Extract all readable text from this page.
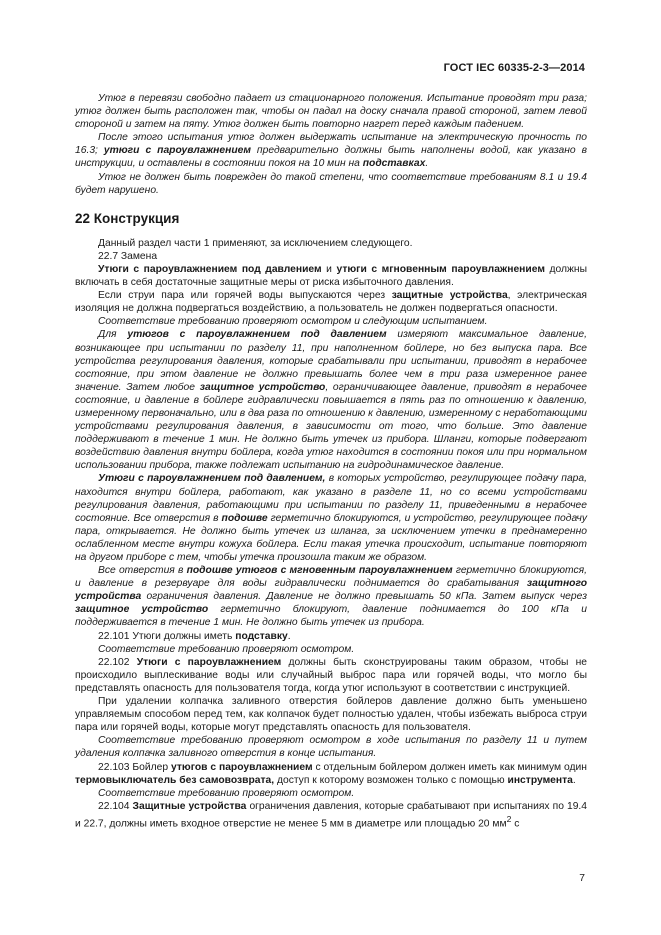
ГОСТ IEC 60335-2-3—2014

Утюг в перевязи свободно падает из стационарного положения. Испытание проводят три раза; утюг должен быть расположен так, чтобы он падал на доску сначала правой стороной, затем левой стороной и затем на пяту. Утюг должен быть повторно нагрет перед каждым падением.

После этого испытания утюг должен выдержать испытание на электрическую прочность по 16.3; утюги с пароувлажнением предварительно должны быть наполнены водой, как указано в инструкции, и оставлены в состоянии покоя на 10 мин на подставках.

Утюг не должен быть поврежден до такой степени, что соответствие требованиям 8.1 и 19.4 будет нарушено.

22 Конструкция

Данный раздел части 1 применяют, за исключением следующего.

22.7 Замена

Утюги с пароувлажнением под давлением и утюги с мгновенным пароувлажнением должны включать в себя достаточные защитные меры от риска избыточного давления.

Если струи пара или горячей воды выпускаются через защитные устройства, электрическая изоляция не должна подвергаться воздействию, а пользователь не должен подвергаться опасности.

Соответствие требованию проверяют осмотром и следующим испытанием.

Для утюгов с пароувлажнением под давлением измеряют максимальное давление, возникающее при испытании по разделу 11, при наполненном бойлере, но без выпуска пара. Все устройства регулирования давления, которые срабатывали при испытании, приводят в нерабочее состояние, при этом давление не должно превышать более чем в три раза измеренное ранее значение. Затем любое защитное устройство, ограничивающее давление, приводят в нерабочее состояние, и давление в бойлере гидравлически повышается в пять раз по отношению к давлению, измеренному первоначально, или в два раза по отношению к давлению, измеренному с неработающими устройствами регулирования давления, в зависимости от того, что больше. Это давление поддерживают в течение 1 мин. Не должно быть утечек из прибора. Шланги, которые подвергают воздействию давления внутри бойлера, когда утюг находится в состоянии покоя или при нормальном использовании прибора, также подлежат испытанию на гидродинамическое давление.

Утюги с пароувлажнением под давлением, в которых устройство, регулирующее подачу пара, находится внутри бойлера, работают, как указано в разделе 11, но со всеми устройствами регулирования давления, работающими при испытании по разделу 11, приведенными в нерабочее состояние. Все отверстия в подошве герметично блокируются, и устройство, регулирующее подачу пара, открывается. Не должно быть утечек из шланга, за исключением утечки в преднамеренно ослабленном месте внутри кожуха бойлера. Если такая утечка происходит, испытание повторяют на другом приборе с тем, чтобы утечка произошла таким же образом.

Все отверстия в подошве утюгов с мгновенным пароувлажнением герметично блокируются, и давление в резервуаре для воды гидравлически поднимается до срабатывания защитного устройства ограничения давления. Давление не должно превышать 50 кПа. Затем выпуск через защитное устройство герметично блокируют, давление поднимается до 100 кПа и поддерживается в течение 1 мин. Не должно быть утечек из прибора.

22.101 Утюги должны иметь подставку.

Соответствие требованию проверяют осмотром.

22.102 Утюги с пароувлажнением должны быть сконструированы таким образом, чтобы не происходило выплескивание воды или случайный выброс пара или горячей воды, что могло бы представлять опасность для пользователя тогда, когда утюг используют в соответствии с инструкцией.

При удалении колпачка заливного отверстия бойлеров давление должно быть уменьшено управляемым способом перед тем, как колпачок будет полностью удален, чтобы избежать выброса струи пара или горячей воды, которые могут представлять опасность для пользователя.

Соответствие требованию проверяют осмотром в ходе испытания по разделу 11 и путем удаления колпачка заливного отверстия в конце испытания.

22.103 Бойлер утюгов с пароувлажнением с отдельным бойлером должен иметь как минимум один термовыключатель без самовозврата, доступ к которому возможен только с помощью инструмента.

Соответствие требованию проверяют осмотром.

22.104 Защитные устройства ограничения давления, которые срабатывают при испытаниях по 19.4 и 22.7, должны иметь входное отверстие не менее 5 мм в диаметре или площадью 20 $мм^2$ с

7
